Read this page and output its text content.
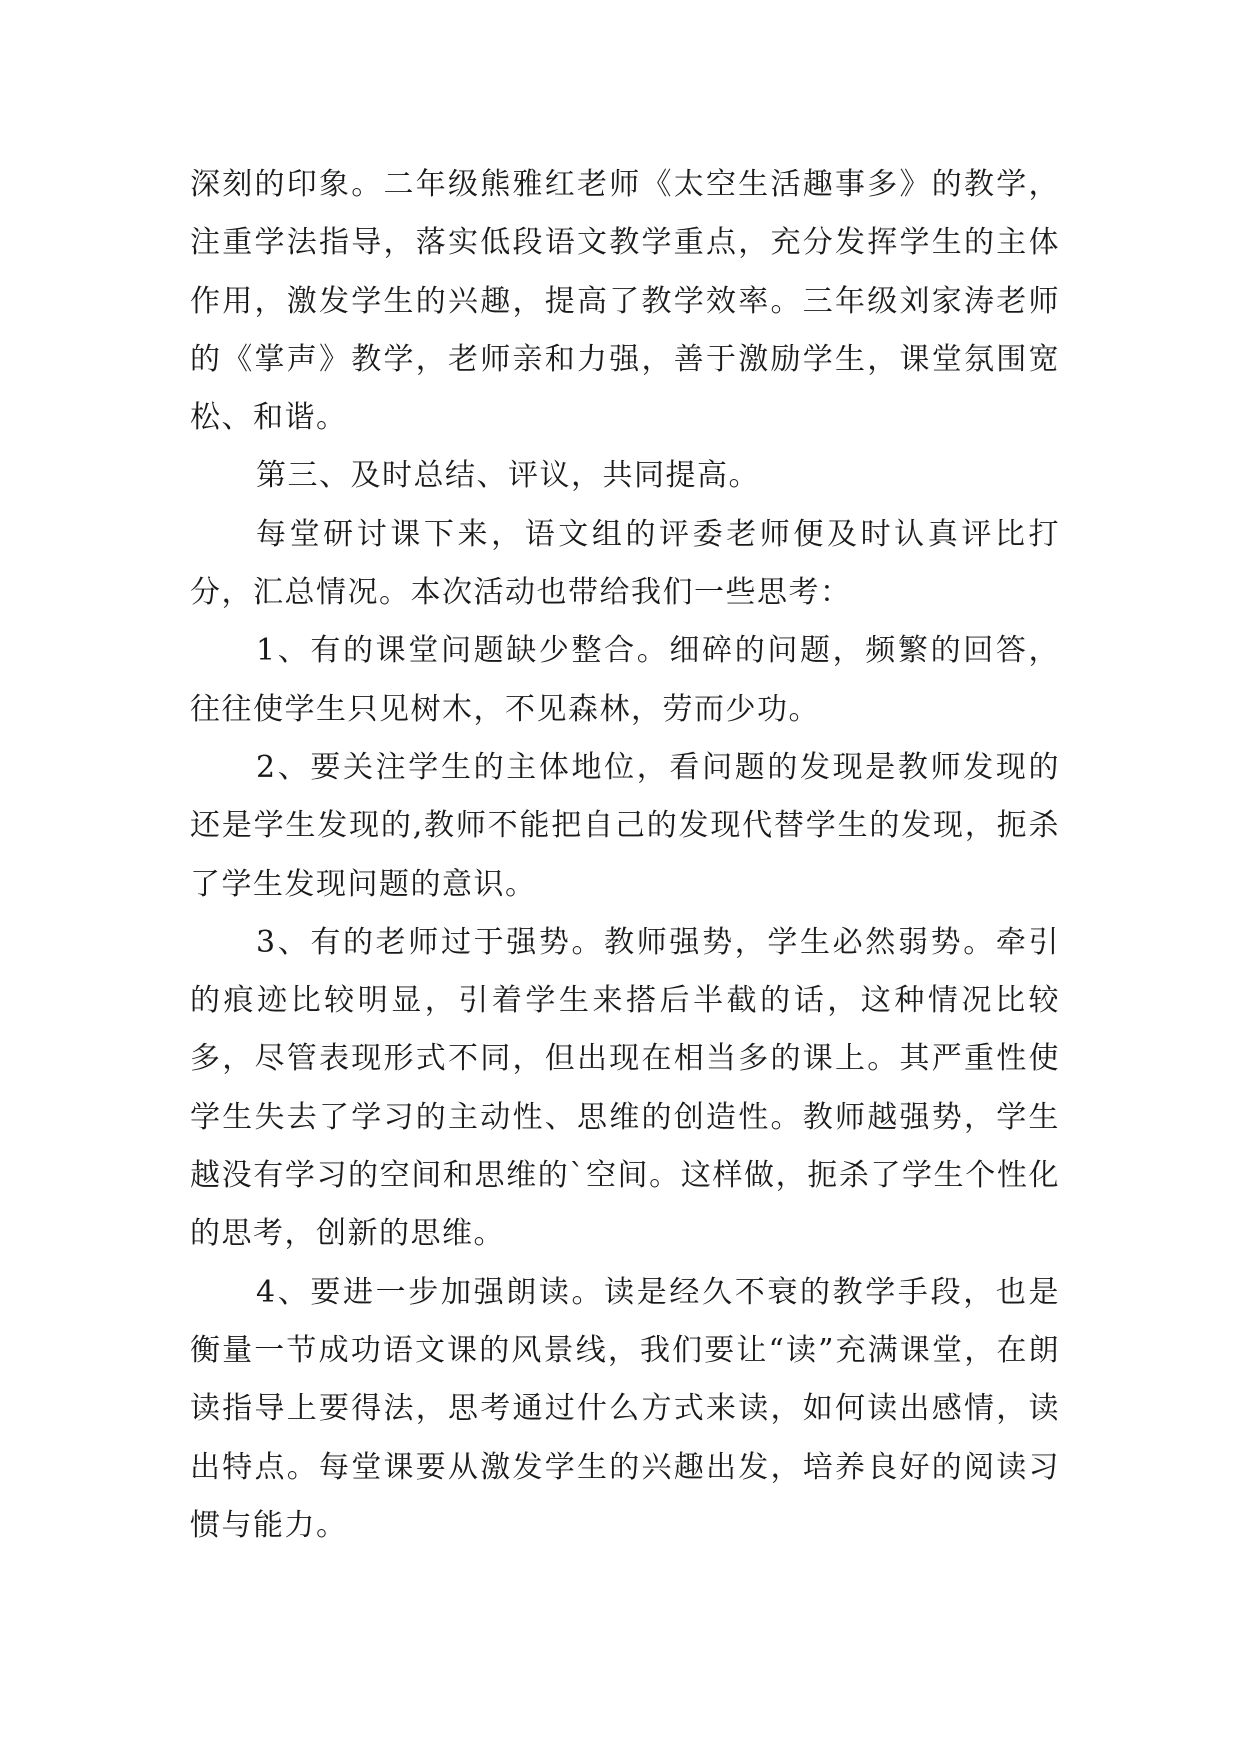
深刻的印象。二年级熊雅红老师《太空生活趣事多》的教学，注重学法指导，落实低段语文教学重点，充分发挥学生的主体作用，激发学生的兴趣，提高了教学效率。三年级刘家涛老师的《掌声》教学，老师亲和力强，善于激励学生，课堂氛围宽松、和谐。

第三、及时总结、评议，共同提高。

每堂研讨课下来，语文组的评委老师便及时认真评比打分，汇总情况。本次活动也带给我们一些思考：

1、有的课堂问题缺少整合。细碎的问题，频繁的回答，往往使学生只见树木，不见森林，劳而少功。

2、要关注学生的主体地位，看问题的发现是教师发现的还是学生发现的,教师不能把自己的发现代替学生的发现，扼杀了学生发现问题的意识。

3、有的老师过于强势。教师强势，学生必然弱势。牵引的痕迹比较明显，引着学生来搭后半截的话，这种情况比较多，尽管表现形式不同，但出现在相当多的课上。其严重性使学生失去了学习的主动性、思维的创造性。教师越强势，学生越没有学习的空间和思维的`空间。这样做，扼杀了学生个性化的思考，创新的思维。

4、要进一步加强朗读。读是经久不衰的教学手段，也是衡量一节成功语文课的风景线，我们要让“读”充满课堂，在朗读指导上要得法，思考通过什么方式来读，如何读出感情，读出特点。每堂课要从激发学生的兴趣出发，培养良好的阅读习惯与能力。
